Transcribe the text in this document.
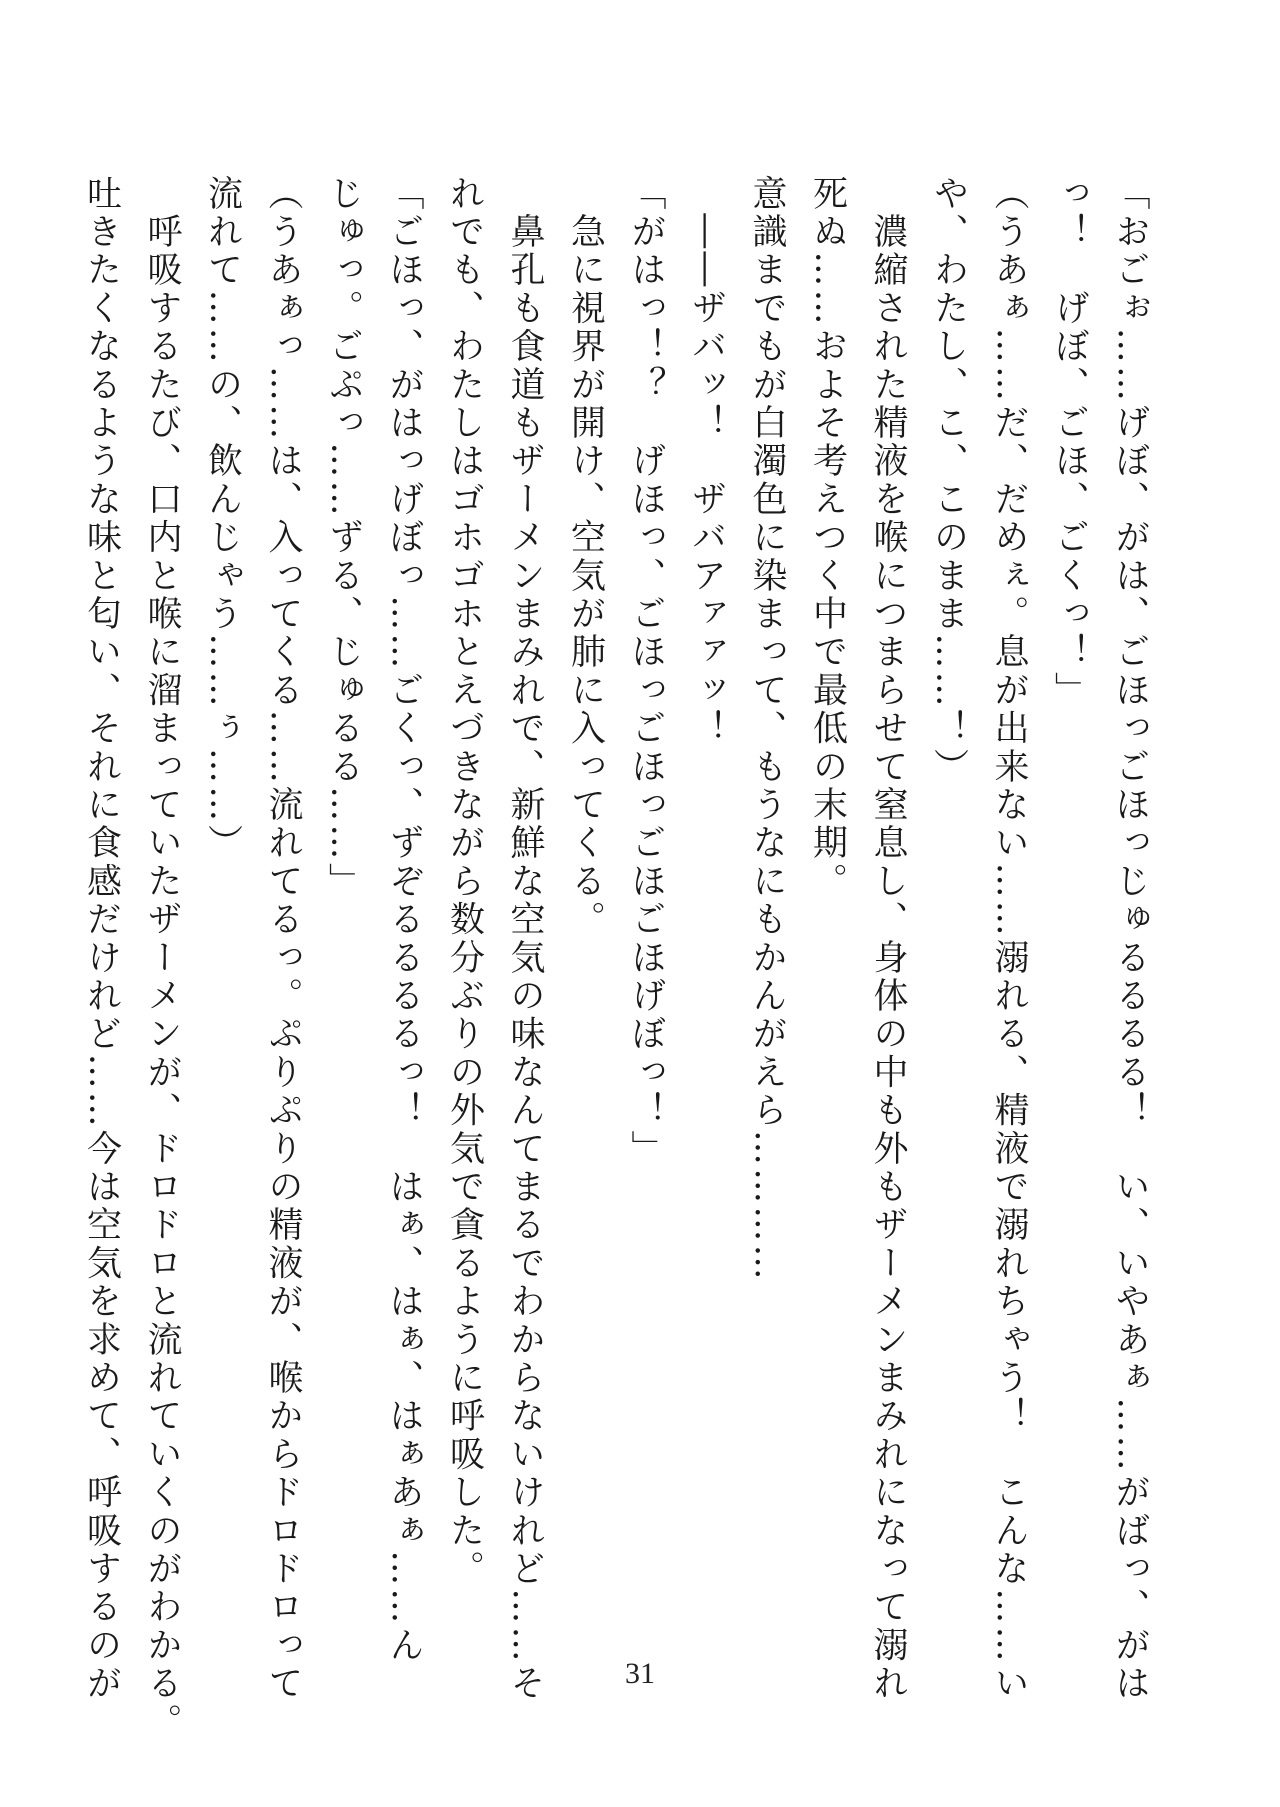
「おごぉ……げぼ、がは、ごほっごほっじゅるるるる！　い、いやあぁ……がばっ、がは
っ！　げぼ、ごほ、ごくっ！」
（うあぁ……だ、だめぇ。息が出来ない……溺れる、精液で溺れちゃう！　こんな……い
や、わたし、こ、このまま……！）
　濃縮された精液を喉につまらせて窒息し、身体の中も外もザーメンまみれになって溺れ
死ぬ……およそ考えつく中で最低の末期。
意識までもが白濁色に染まって、もうなにもかんがえら…………
　――ザバッ！　ザバアァァッ！
「がはっ！？　げほっ、ごほっごほっごほごほげぼっ！」
　急に視界が開け、空気が肺に入ってくる。
　鼻孔も食道もザーメンまみれで、新鮮な空気の味なんてまるでわからないけれど……そ
れでも、わたしはゴホゴホとえづきながら数分ぶりの外気で貪るように呼吸した。
「ごほっ、がはっげぼっ……ごくっ、ずぞるるるるっ！　はぁ、はぁ、はぁあぁ……ん
じゅっ。ごぷっ……ずる、じゅるる……」
（うあぁっ……は、入ってくる……流れてるっ。ぷりぷりの精液が、喉からドロドロって
流れて……の、飲んじゃう……ぅ……）
　呼吸するたび、口内と喉に溜まっていたザーメンが、ドロドロと流れていくのがわかる。
吐きたくなるような味と匂い、それに食感だけれど……今は空気を求めて、呼吸するのが	31
